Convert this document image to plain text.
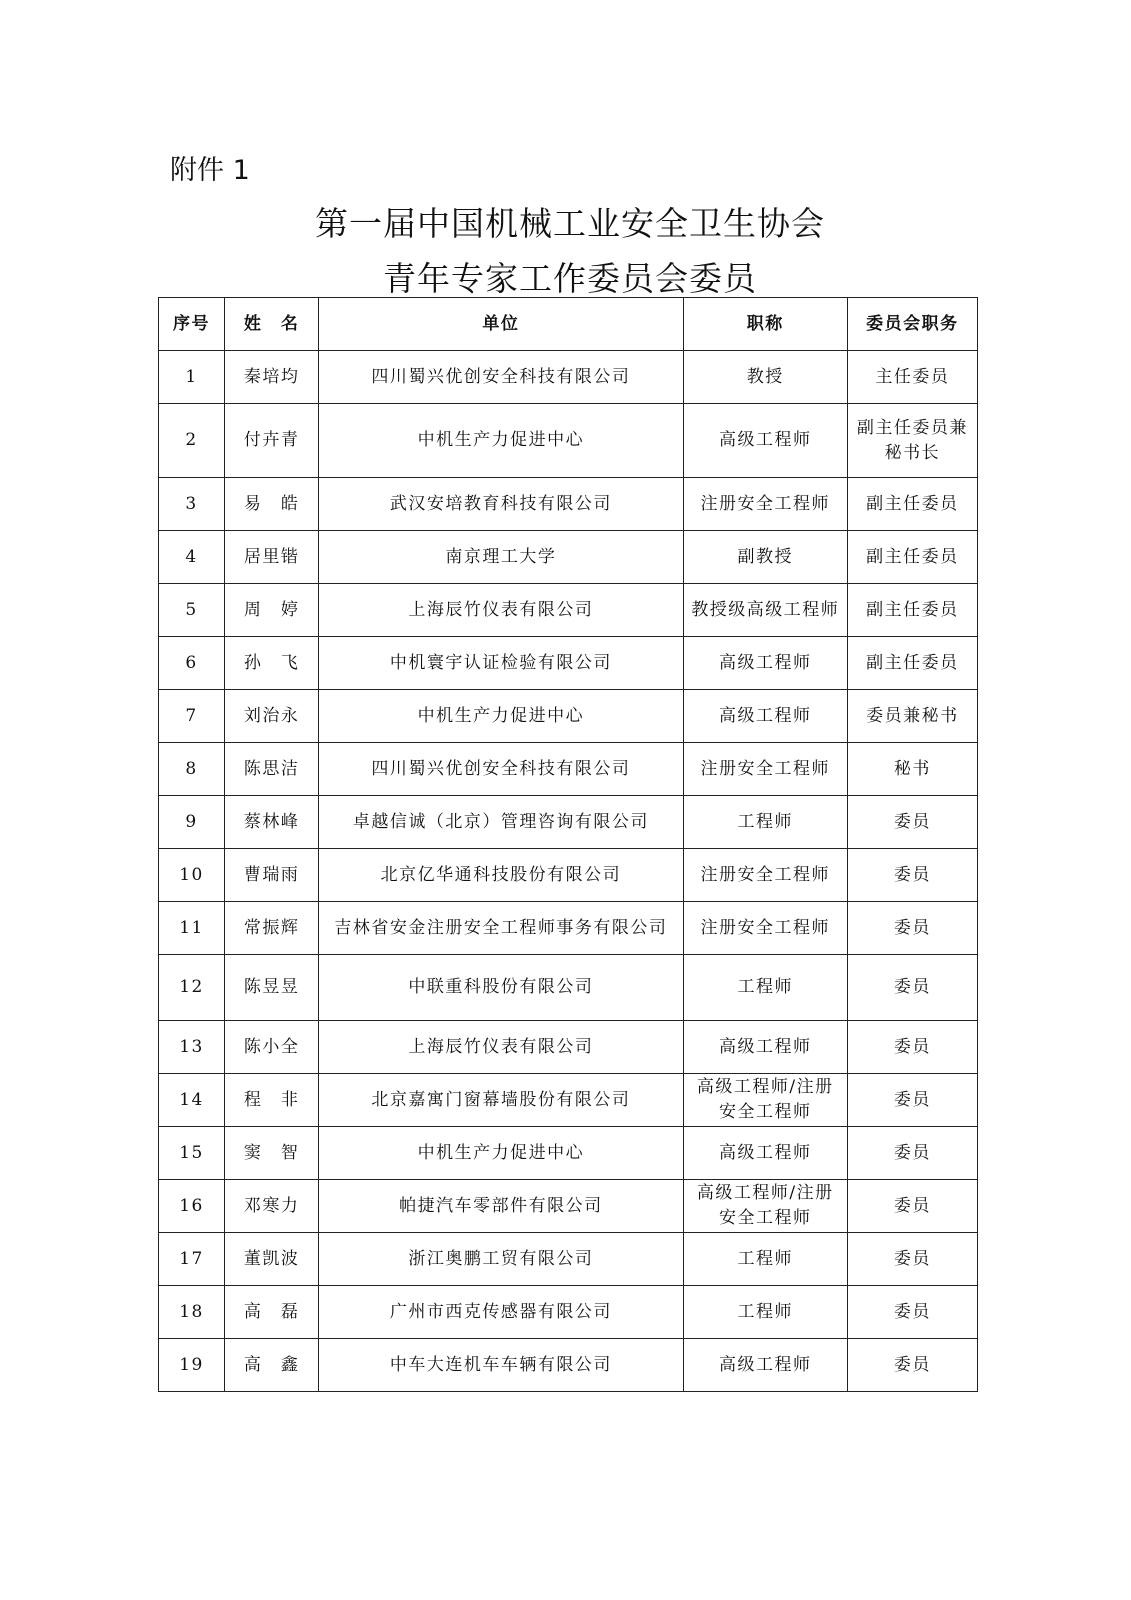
附件 1
第一届中国机械工业安全卫生协会
青年专家工作委员会委员
序号	姓　名	单位	职称	委员会职务
1	秦培均	四川蜀兴优创安全科技有限公司	教授	主任委员
2	付卉青	中机生产力促进中心	高级工程师	副主任委员兼秘书长
3	易　皓	武汉安培教育科技有限公司	注册安全工程师	副主任委员
4	居里锴	南京理工大学	副教授	副主任委员
5	周　婷	上海辰竹仪表有限公司	教授级高级工程师	副主任委员
6	孙　飞	中机寰宇认证检验有限公司	高级工程师	副主任委员
7	刘治永	中机生产力促进中心	高级工程师	委员兼秘书
8	陈思洁	四川蜀兴优创安全科技有限公司	注册安全工程师	秘书
9	蔡林峰	卓越信诚（北京）管理咨询有限公司	工程师	委员
10	曹瑞雨	北京亿华通科技股份有限公司	注册安全工程师	委员
11	常振辉	吉林省安金注册安全工程师事务有限公司	注册安全工程师	委员
12	陈昱昱	中联重科股份有限公司	工程师	委员
13	陈小全	上海辰竹仪表有限公司	高级工程师	委员
14	程　非	北京嘉寓门窗幕墙股份有限公司	高级工程师/注册安全工程师	委员
15	窦　智	中机生产力促进中心	高级工程师	委员
16	邓寒力	帕捷汽车零部件有限公司	高级工程师/注册安全工程师	委员
17	董凯波	浙江奥鹏工贸有限公司	工程师	委员
18	高　磊	广州市西克传感器有限公司	工程师	委员
19	高　鑫	中车大连机车车辆有限公司	高级工程师	委员
